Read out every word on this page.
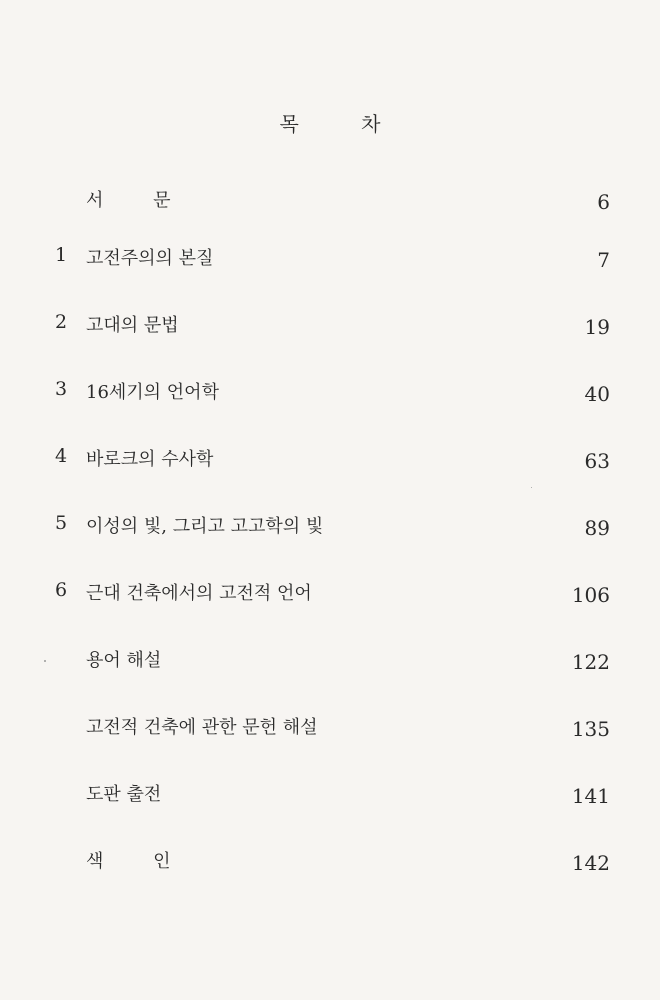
목 차
서 문	6
1 고전주의의 본질	7
2 고대의 문법	19
3 16세기의 언어학	40
4 바로크의 수사학	63
5 이성의 빛, 그리고 고고학의 빛	89
6 근대 건축에서의 고전적 언어	106
용어 해설	122
고전적 건축에 관한 문헌 해설	135
도판 출전	141
색 인	142
